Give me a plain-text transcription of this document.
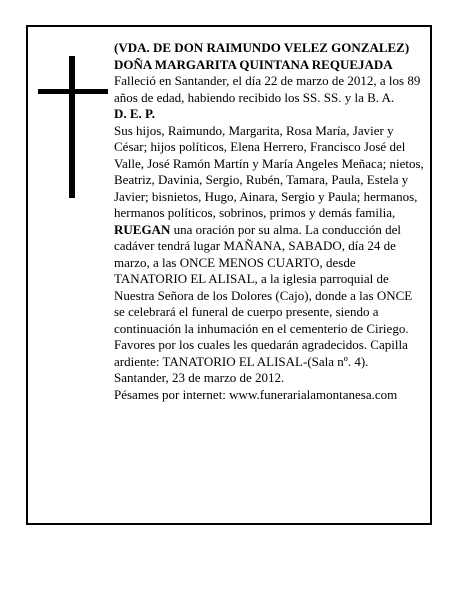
(VDA. DE DON RAIMUNDO VELEZ GONZALEZ)

DOÑA MARGARITA QUINTANA REQUEJADA

Falleció en Santander, el día 22 de marzo de 2012, a los 89 años de edad, habiendo recibido los SS. SS. y la B. A.

D. E. P.

Sus hijos, Raimundo, Margarita, Rosa María, Javier y César; hijos políticos, Elena Herrero, Francisco José del Valle, José Ramón Martín y María Angeles Meñaca; nietos, Beatriz, Davinia, Sergio, Rubén, Tamara, Paula, Estela y Javier; bisnietos, Hugo, Ainara, Sergio y Paula; hermanos, hermanos políticos, sobrinos, primos y demás familia,

RUEGAN una oración por su alma. La conducción del cadáver tendrá lugar MAÑANA, SABADO, día 24 de marzo, a las ONCE MENOS CUARTO, desde TANATORIO EL ALISAL, a la iglesia parroquial de Nuestra Señora de los Dolores (Cajo), donde a las ONCE se celebrará el funeral de cuerpo presente, siendo a continuación la inhumación en el cementerio de Ciriego. Favores por los cuales les quedarán agradecidos. Capilla ardiente: TANATORIO EL ALISAL-(Sala nº. 4).

Santander, 23 de marzo de 2012.

Pésames por internet: www.funerarialamontanesa.com
